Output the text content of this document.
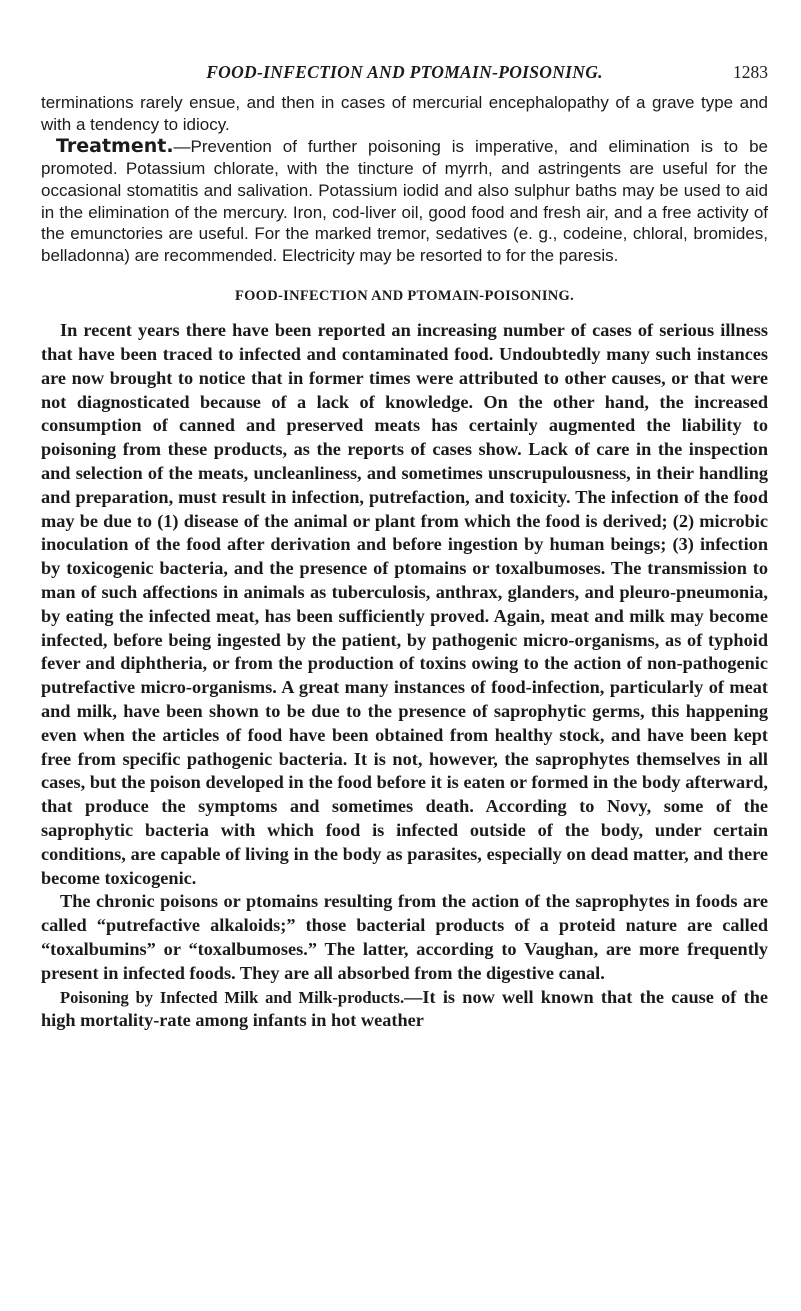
FOOD-INFECTION AND PTOMAIN-POISONING.	1283

terminations rarely ensue, and then in cases of mercurial encephalopathy of a grave type and with a tendency to idiocy.

Treatment.—Prevention of further poisoning is imperative, and elimination is to be promoted. Potassium chlorate, with the tincture of myrrh, and astringents are useful for the occasional stomatitis and salivation. Potassium iodid and also sulphur baths may be used to aid in the elimination of the mercury. Iron, cod-liver oil, good food and fresh air, and a free activity of the emunctories are useful. For the marked tremor, sedatives (e. g., codeine, chloral, bromides, belladonna) are recommended. Electricity may be resorted to for the paresis.

FOOD-INFECTION AND PTOMAIN-POISONING.

In recent years there have been reported an increasing number of cases of serious illness that have been traced to infected and contaminated food. Undoubtedly many such instances are now brought to notice that in former times were attributed to other causes, or that were not diagnosticated because of a lack of knowledge. On the other hand, the increased consumption of canned and preserved meats has certainly augmented the liability to poisoning from these products, as the reports of cases show. Lack of care in the inspection and selection of the meats, uncleanliness, and sometimes unscrupulousness, in their handling and preparation, must result in infection, putrefaction, and toxicity. The infection of the food may be due to (1) disease of the animal or plant from which the food is derived; (2) microbic inoculation of the food after derivation and before ingestion by human beings; (3) infection by toxicogenic bacteria, and the presence of ptomains or toxalbumoses. The transmission to man of such affections in animals as tuberculosis, anthrax, glanders, and pleuro-pneumonia, by eating the infected meat, has been sufficiently proved. Again, meat and milk may become infected, before being ingested by the patient, by pathogenic micro-organisms, as of typhoid fever and diphtheria, or from the production of toxins owing to the action of non-pathogenic putrefactive micro-organisms. A great many instances of food-infection, particularly of meat and milk, have been shown to be due to the presence of saprophytic germs, this happening even when the articles of food have been obtained from healthy stock, and have been kept free from specific pathogenic bacteria. It is not, however, the saprophytes themselves in all cases, but the poison developed in the food before it is eaten or formed in the body afterward, that produce the symptoms and sometimes death. According to Novy, some of the saprophytic bacteria with which food is infected outside of the body, under certain conditions, are capable of living in the body as parasites, especially on dead matter, and there become toxicogenic.

The chronic poisons or ptomains resulting from the action of the saprophytes in foods are called “putrefactive alkaloids;” those bacterial products of a proteid nature are called “toxalbumins” or “toxalbumoses.” The latter, according to Vaughan, are more frequently present in infected foods. They are all absorbed from the digestive canal.

Poisoning by Infected Milk and Milk-products.—It is now well known that the cause of the high mortality-rate among infants in hot weather
